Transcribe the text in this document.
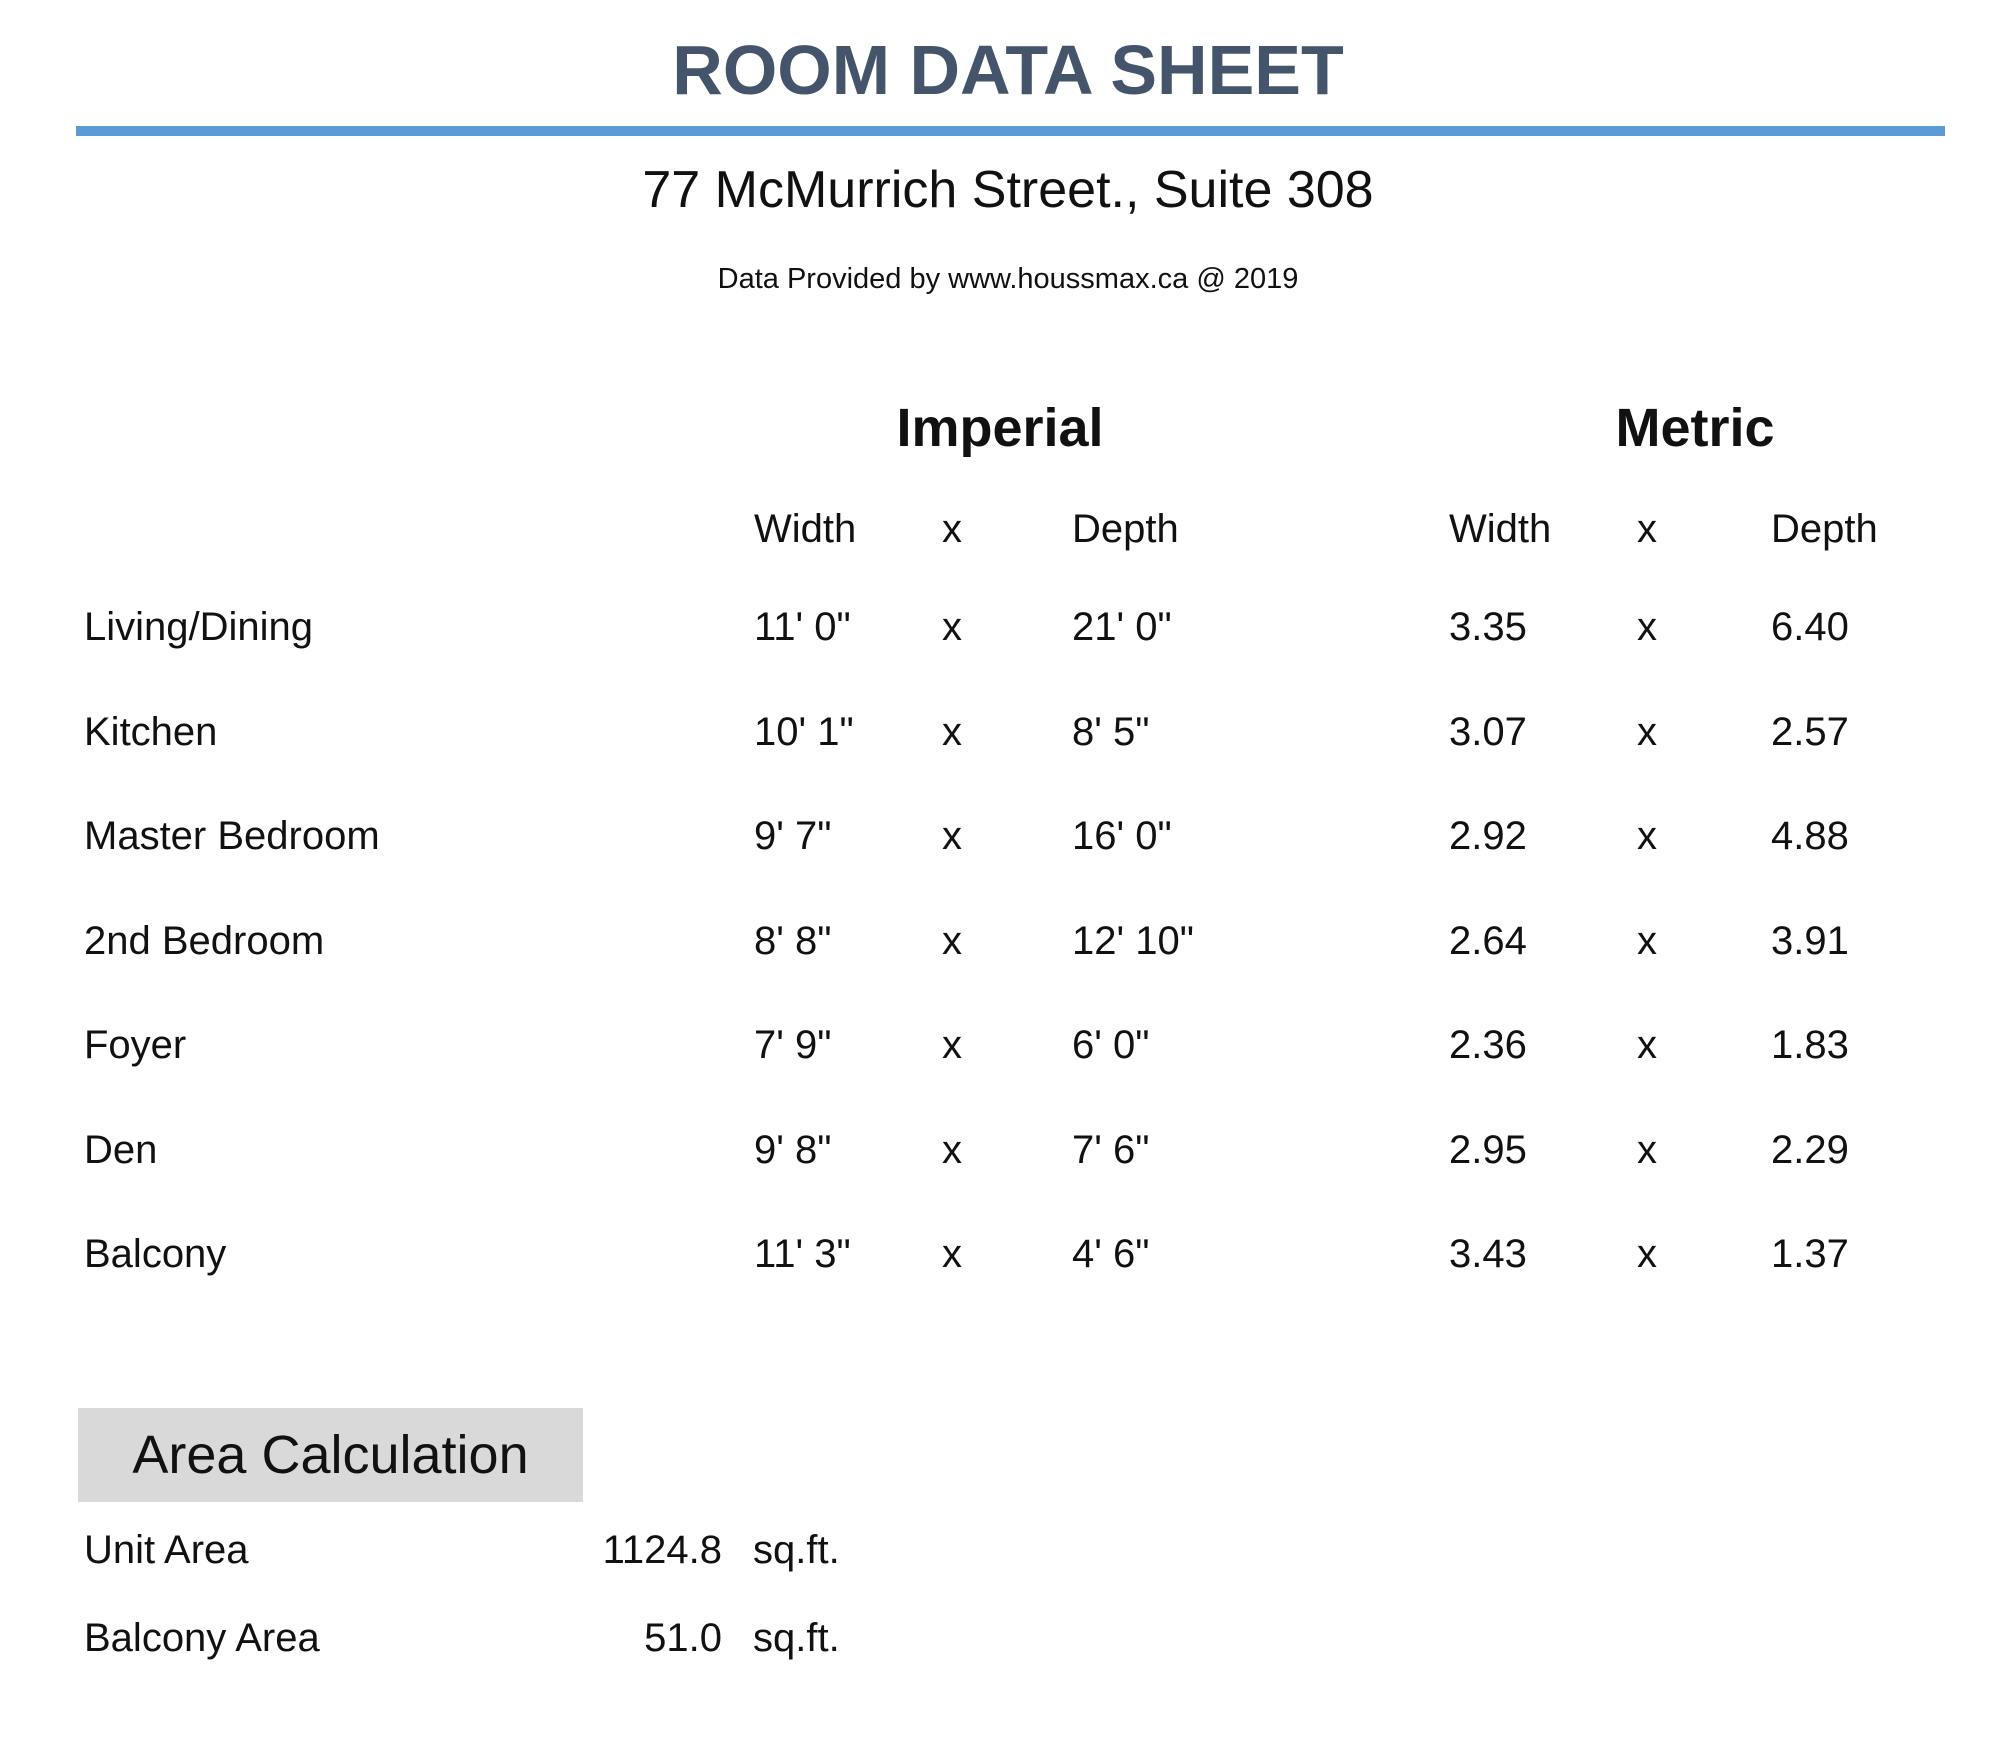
ROOM DATA SHEET
77 McMurrich Street., Suite 308
Data Provided by www.houssmax.ca @ 2019
Imperial	Metric
Width x	Depth	Width x	Depth
Living/Dining	11' 0" x	21' 0"	3.35	x	6.40
Kitchen	10' 1" x	8' 5"	3.07	x	2.57
Master Bedroom	9' 7"	x	16' 0"	2.92	x	4.88
2nd Bedroom	8' 8"	x	12' 10"	2.64	x	3.91
Foyer	7' 9"	x	6' 0"	2.36	x	1.83
Den	9' 8"	x	7' 6"	2.95	x	2.29
Balcony	11' 3" x	4' 6"	3.43	x	1.37
Area Calculation
Unit Area	1124.8 sq.ft.
Balcony Area	51.0 sq.ft.
